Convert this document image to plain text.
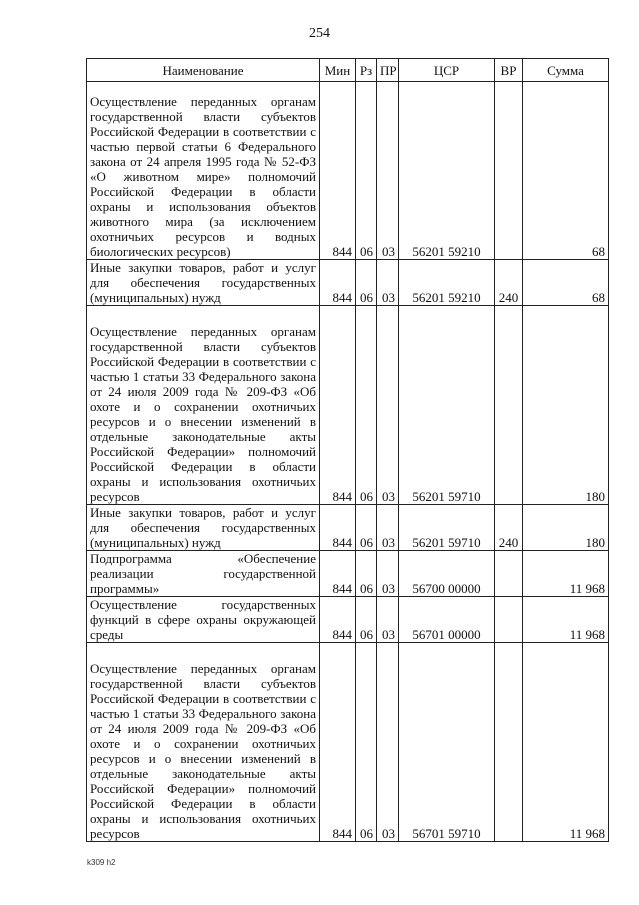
254
Наименование	Мин	Рз	ПР	ЦСР	ВР	Сумма
Осуществление переданных органам государственной власти субъектов Российской Федерации в соответствии с частью первой статьи 6 Федерального закона от 24 апреля 1995 года № 52-ФЗ «О животном мире» полномочий Российской Федерации в области охраны и использования объектов животного мира (за исключением охотничьих ресурсов и водных биологических ресурсов)	844	06	03	56201 59210		68
Иные закупки товаров, работ и услуг для обеспечения государственных (муниципальных) нужд	844	06	03	56201 59210	240	68
Осуществление переданных органам государственной власти субъектов Российской Федерации в соответствии с частью 1 статьи 33 Федерального закона от 24 июля 2009 года № 209-ФЗ «Об охоте и о сохранении охотничьих ресурсов и о внесении изменений в отдельные законодательные акты Российской Федерации» полномочий Российской Федерации в области охраны и использования охотничьих ресурсов	844	06	03	56201 59710		180
Иные закупки товаров, работ и услуг для обеспечения государственных (муниципальных) нужд	844	06	03	56201 59710	240	180
Подпрограмма «Обеспечение реализации государственной программы»	844	06	03	56700 00000		11 968
Осуществление государственных функций в сфере охраны окружающей среды	844	06	03	56701 00000		11 968
Осуществление переданных органам государственной власти субъектов Российской Федерации в соответствии с частью 1 статьи 33 Федерального закона от 24 июля 2009 года № 209-ФЗ «Об охоте и о сохранении охотничьих ресурсов и о внесении изменений в отдельные законодательные акты Российской Федерации» полномочий Российской Федерации в области охраны и использования охотничьих ресурсов	844	06	03	56701 59710		11 968
k309 h2
